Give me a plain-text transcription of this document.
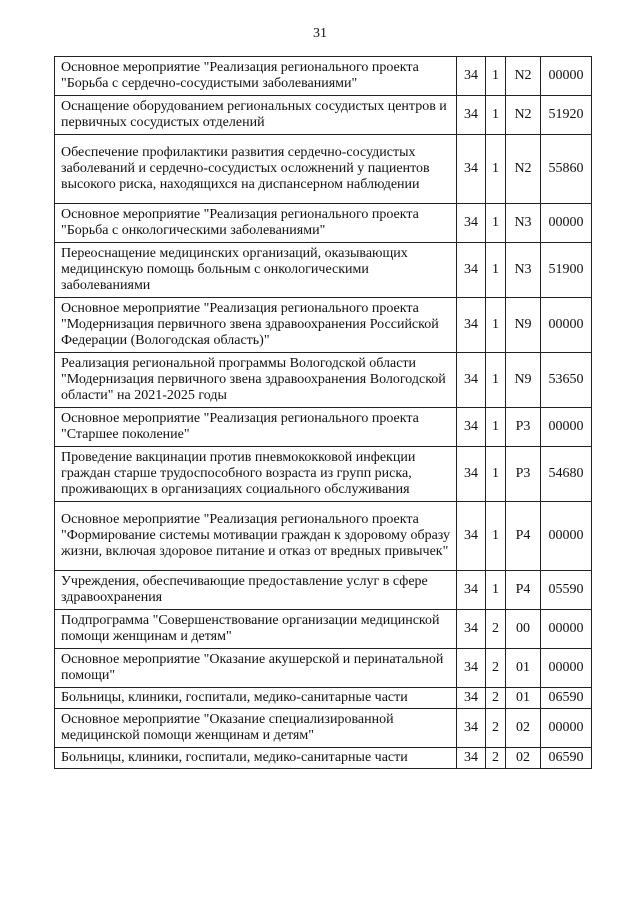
31
Основное мероприятие "Реализация регионального проекта "Борьба с сердечно-сосудистыми заболеваниями"	34	1	N2	00000
Оснащение оборудованием региональных сосудистых центров и первичных сосудистых отделений	34	1	N2	51920
Обеспечение профилактики развития сердечно-сосудистых заболеваний и сердечно-сосудистых осложнений у пациентов высокого риска, находящихся на диспансерном наблюдении	34	1	N2	55860
Основное мероприятие "Реализация регионального проекта "Борьба с онкологическими заболеваниями"	34	1	N3	00000
Переоснащение медицинских организаций, оказывающих медицинскую помощь больным с онкологическими заболеваниями	34	1	N3	51900
Основное мероприятие "Реализация регионального проекта "Модернизация первичного звена здравоохранения Российской Федерации (Вологодская область)"	34	1	N9	00000
Реализация региональной программы Вологодской области "Модернизация первичного звена здравоохранения Вологодской области" на 2021-2025 годы	34	1	N9	53650
Основное мероприятие "Реализация регионального проекта "Старшее поколение"	34	1	P3	00000
Проведение вакцинации против пневмококковой инфекции граждан старше трудоспособного возраста из групп риска, проживающих в организациях социального обслуживания	34	1	P3	54680
Основное мероприятие "Реализация регионального проекта "Формирование системы мотивации граждан к здоровому образу жизни, включая здоровое питание и отказ от вредных привычек"	34	1	P4	00000
Учреждения, обеспечивающие предоставление услуг в сфере здравоохранения	34	1	P4	05590
Подпрограмма "Совершенствование организации медицинской помощи женщинам и детям"	34	2	00	00000
Основное мероприятие "Оказание акушерской и перинатальной помощи"	34	2	01	00000
Больницы, клиники, госпитали, медико-санитарные части	34	2	01	06590
Основное мероприятие "Оказание специализированной медицинской помощи женщинам и детям"	34	2	02	00000
Больницы, клиники, госпитали, медико-санитарные части	34	2	02	06590
